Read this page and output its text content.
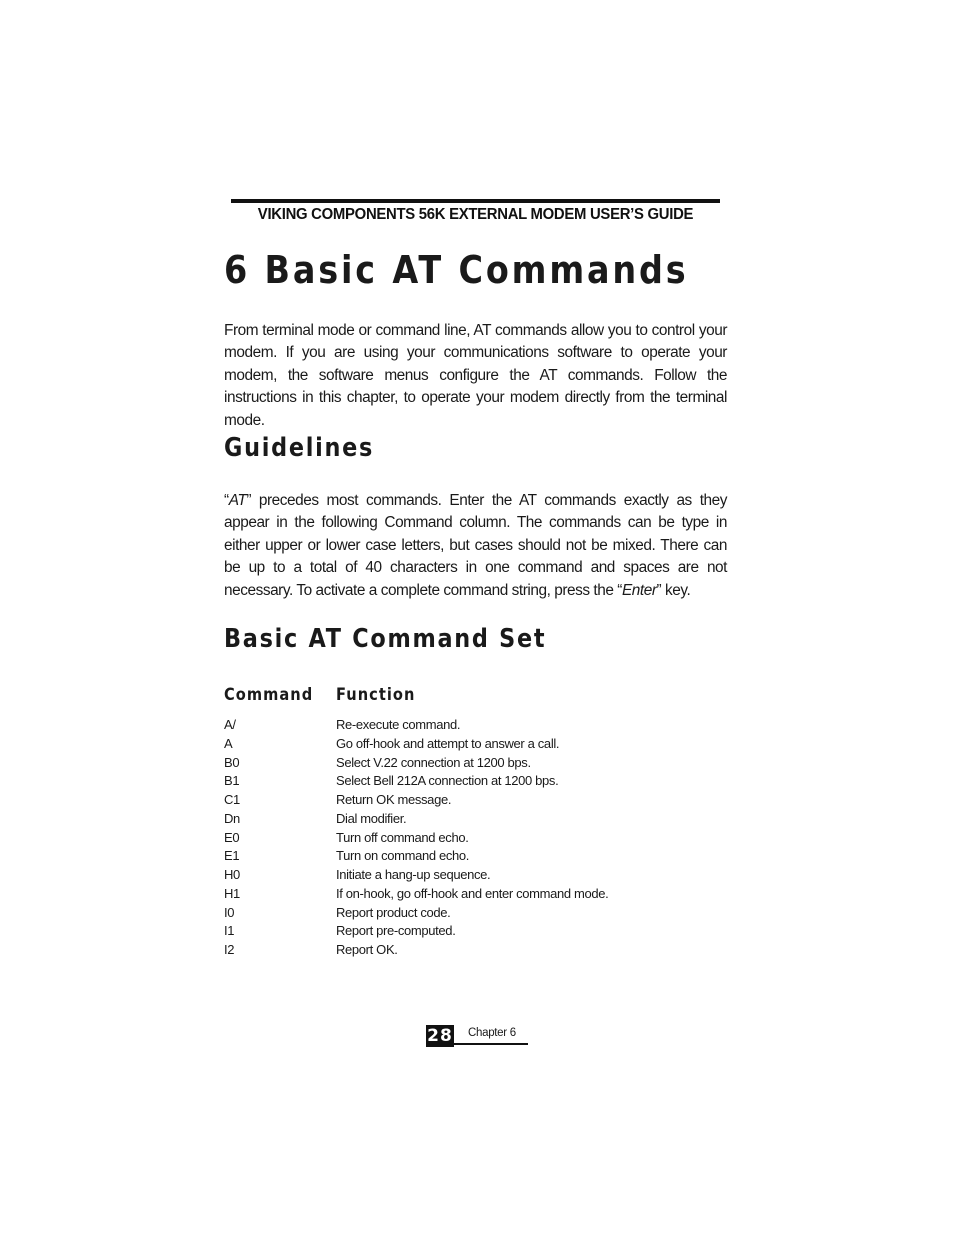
VIKING COMPONENTS 56K EXTERNAL MODEM USER’S GUIDE
6 Basic AT Commands

From terminal mode or command line, AT commands allow you to control your modem. If you are using your communications software to operate your modem, the software menus configure the AT commands. Follow the instructions in this chapter, to operate your modem directly from the terminal mode.

Guidelines

“AT” precedes most commands. Enter the AT commands exactly as they appear in the following Command column. The commands can be type in either upper or lower case letters, but cases should not be mixed. There can be up to a total of 40 characters in one command and spaces are not necessary. To activate a complete command string, press the “Enter” key.

Basic AT Command Set
Command Function
A/	Re-execute command.
A	Go off-hook and attempt to answer a call.
B0	Select V.22 connection at 1200 bps.
B1	Select Bell 212A connection at 1200 bps.
C1	Return OK message.
Dn	Dial modifier.
E0	Turn off command echo.
E1	Turn on command echo.
H0	Initiate a hang-up sequence.
H1	If on-hook, go off-hook and enter command mode.
I0	Report product code.
I1	Report pre-computed.
I2	Report OK.
28 Chapter 6
